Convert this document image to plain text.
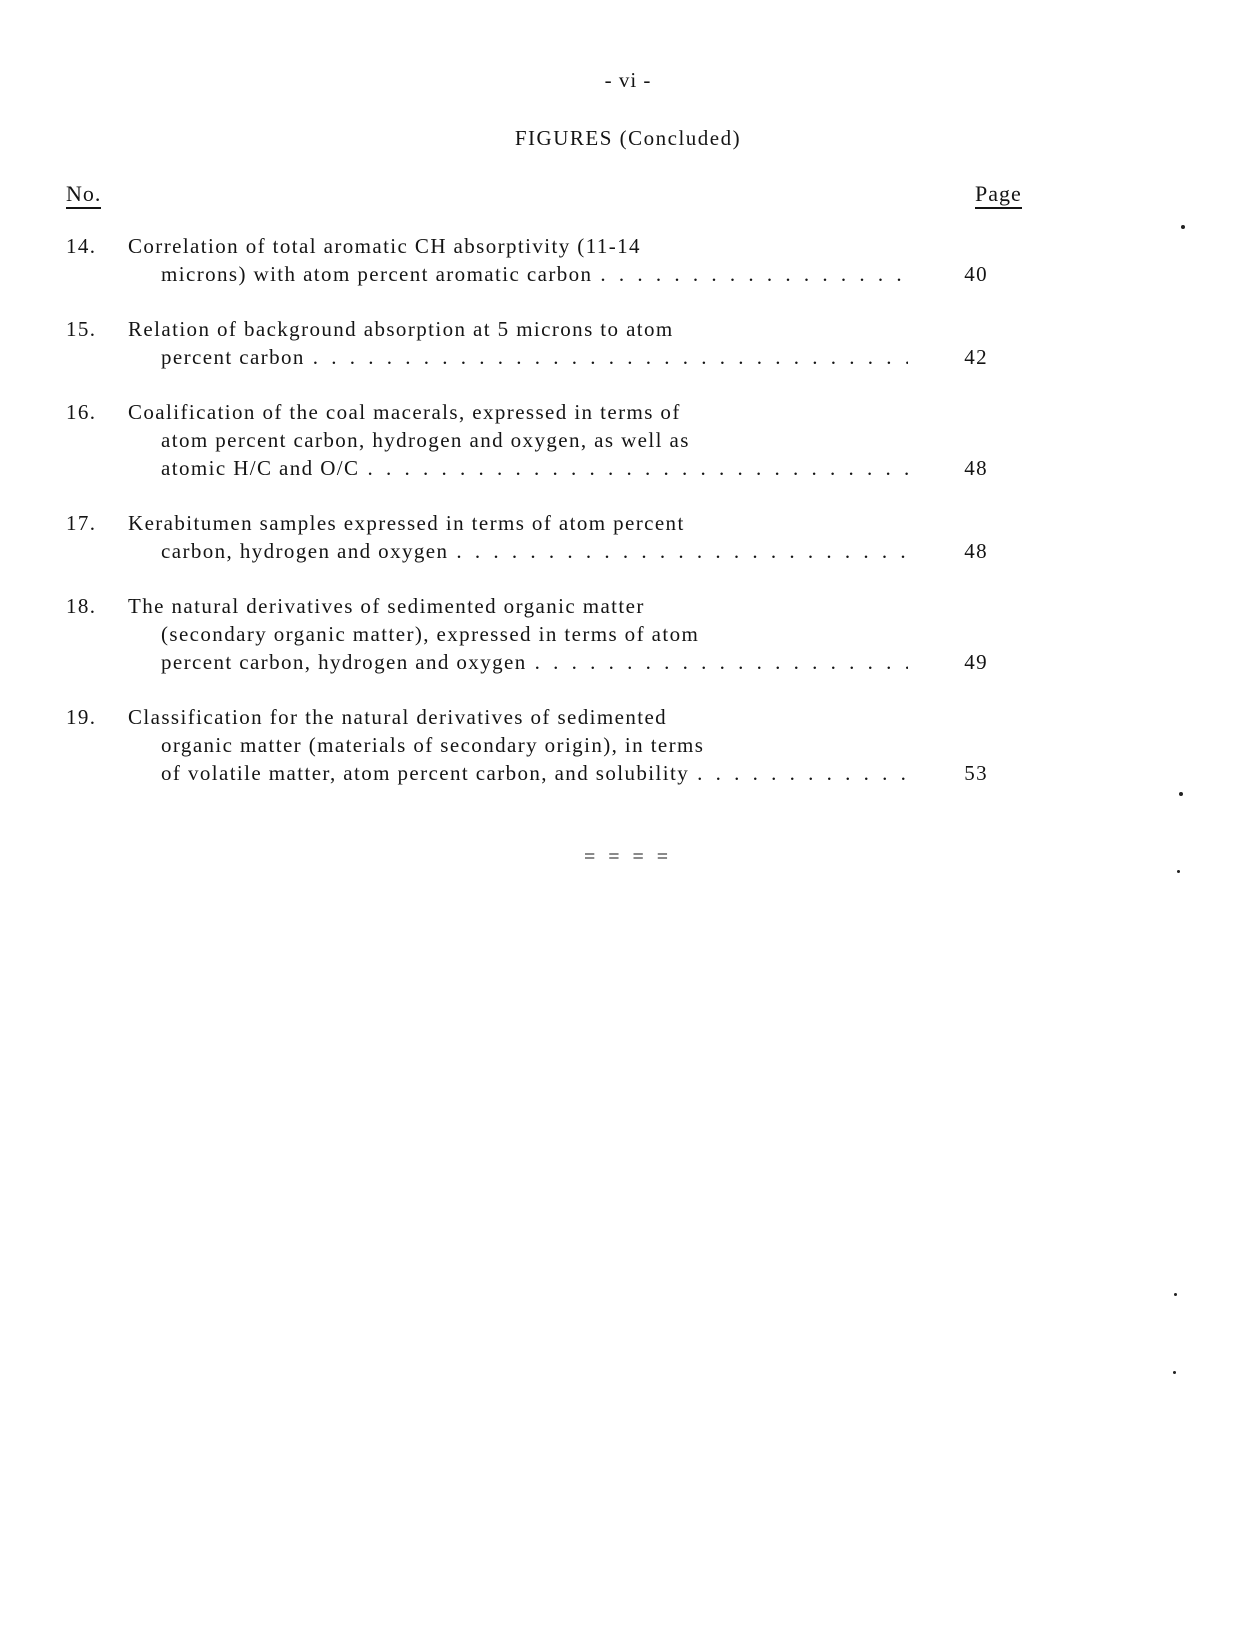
- vi -
FIGURES (Concluded)
No.	Page
14. Correlation of total aromatic CH absorptivity (11-14
microns) with atom percent aromatic carbon . . .	40
15. Relation of background absorption at 5 microns to atom
percent carbon . . .	42
16. Coalification of the coal macerals, expressed in terms of
atom percent carbon, hydrogen and oxygen, as well as
atomic H/C and O/C . . .	48
17. Kerabitumen samples expressed in terms of atom percent
carbon, hydrogen and oxygen . . .	48
18. The natural derivatives of sedimented organic matter
(secondary organic matter), expressed in terms of atom
percent carbon, hydrogen and oxygen . . .	49
19. Classification for the natural derivatives of sedimented
organic matter (materials of secondary origin), in terms
of volatile matter, atom percent carbon, and solubility . . .	53
= = = =
